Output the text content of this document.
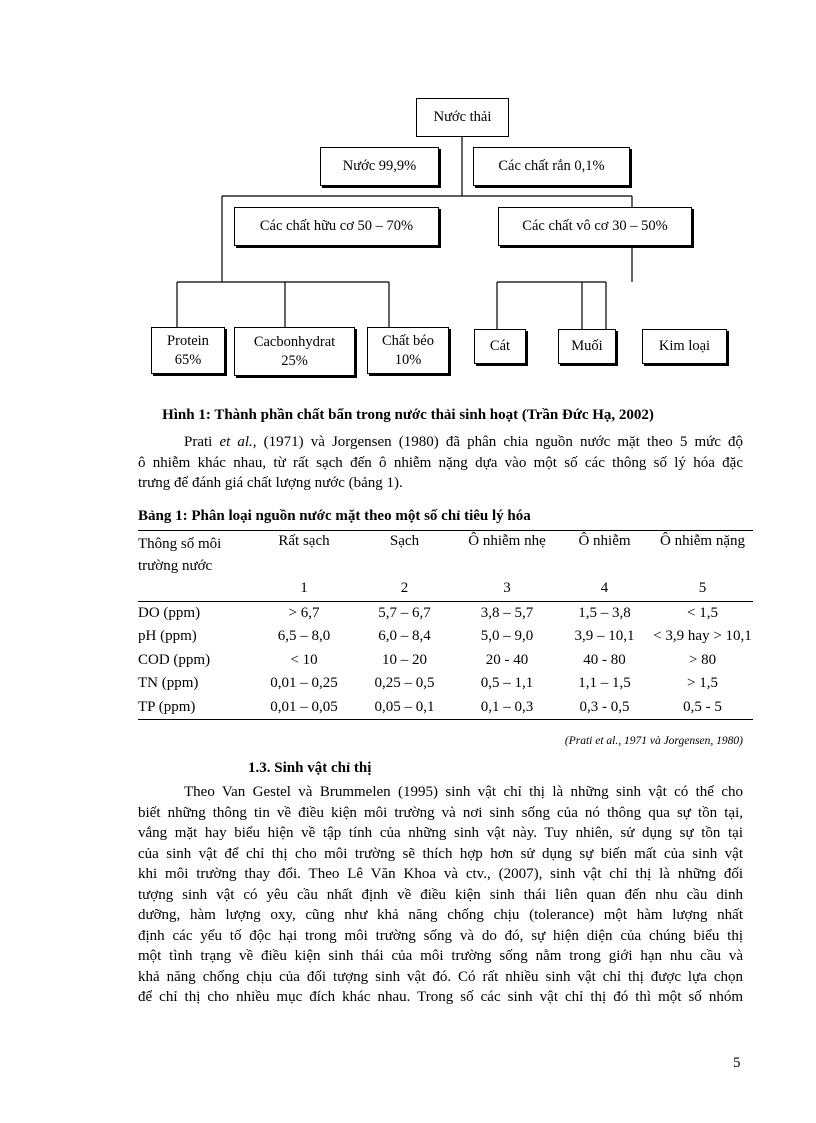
Nước thải
Nước 99,9%	Các chất rắn 0,1%
Các chất hữu cơ 50 – 70%	Các chất vô cơ 30 – 50%
Protein
65%
Cacbonhydrat
25%
Chất béo
10%
Cát	Muối	Kim loại
Hình 1: Thành phần chất bẩn trong nước thải sinh hoạt (Trần Đức Hạ, 2002)
Prati et al., (1971) và Jorgensen (1980) đã phân chia nguồn nước mặt theo 5 mức độ
ô nhiễm khác nhau, từ rất sạch đến ô nhiễm nặng dựa vào một số các thông số lý hóa đặc
trưng để đánh giá chất lượng nước (bảng 1).
Bảng 1: Phân loại nguồn nước mặt theo một số chỉ tiêu lý hóa
Thông số môi
trường nước	Rất sạch	Sạch	Ô nhiễm nhẹ	Ô nhiễm	Ô nhiễm nặng
	1	2	3	4	5
DO (ppm)	> 6,7	5,7 – 6,7	3,8 – 5,7	1,5 – 3,8	< 1,5
pH (ppm)	6,5 – 8,0	6,0 – 8,4	5,0 – 9,0	3,9 – 10,1	< 3,9 hay > 10,1
COD (ppm)	< 10	10 – 20	20 - 40	40 - 80	> 80
TN (ppm)	0,01 – 0,25	0,25 – 0,5	0,5 – 1,1	1,1 – 1,5	> 1,5
TP (ppm)	0,01 – 0,05	0,05 – 0,1	0,1 – 0,3	0,3 - 0,5	0,5 - 5
(Prati et al., 1971 và Jorgensen, 1980)
1.3. Sinh vật chỉ thị
Theo Van Gestel và Brummelen (1995) sinh vật chỉ thị là những sinh vật có thể cho
biết những thông tin về điều kiện môi trường và nơi sinh sống của nó thông qua sự tồn tại,
vắng mặt hay biểu hiện về tập tính của những sinh vật này. Tuy nhiên, sử dụng sự tồn tại
của sinh vật để chỉ thị cho môi trường sẽ thích hợp hơn sử dụng sự biến mất của sinh vật
khi môi trường thay đổi. Theo Lê Văn Khoa và ctv., (2007), sinh vật chỉ thị là những đối
tượng sinh vật có yêu cầu nhất định về điều kiện sinh thái liên quan đến nhu cầu dinh
dưỡng, hàm lượng oxy, cũng như khả năng chống chịu (tolerance) một hàm lượng nhất
định các yếu tố độc hại trong môi trường sống và do đó, sự hiện diện của chúng biểu thị
một tình trạng về điều kiện sinh thái của môi trường sống nằm trong giới hạn nhu cầu và
khả năng chống chịu của đối tượng sinh vật đó. Có rất nhiều sinh vật chỉ thị được lựa chọn
để chỉ thị cho nhiều mục đích khác nhau. Trong số các sinh vật chỉ thị đó thì một số nhóm
5
